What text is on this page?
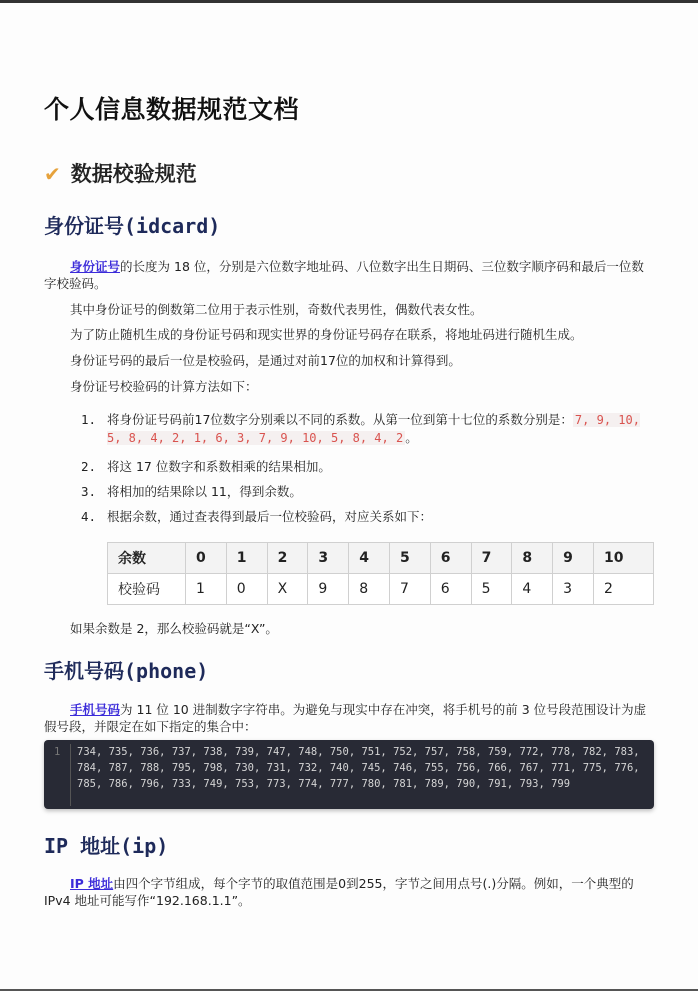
个人信息数据规范文档
✔ 数据校验规范
身份证号(idcard)

身份证号的长度为 18 位，分别是六位数字地址码、八位数字出生日期码、三位数字顺序码和最后一位数字校验码。

其中身份证号的倒数第二位用于表示性别，奇数代表男性，偶数代表女性。

为了防止随机生成的身份证号码和现实世界的身份证号码存在联系，将地址码进行随机生成。

身份证号码的最后一位是校验码，是通过对前17位的加权和计算得到。

身份证号校验码的计算方法如下：

1. 将身份证号码前17位数字分别乘以不同的系数。从第一位到第十七位的系数分别是： 7, 9, 10, 5, 8, 4, 2, 1, 6, 3, 7, 9, 10, 5, 8, 4, 2 。
2. 将这 17 位数字和系数相乘的结果相加。
3. 将相加的结果除以 11，得到余数。
4. 根据余数，通过查表得到最后一位校验码，对应关系如下：
余数	0	1	2	3	4	5	6	7	8	9	10
校验码	1	0	X	9	8	7	6	5	4	3	2

如果余数是 2，那么校验码就是“X”。

手机号码(phone)

手机号码为 11 位 10 进制数字字符串。为避免与现实中存在冲突，将手机号的前 3 位号段范围设计为虚假号段，并限定在如下指定的集合中：

1 734, 735, 736, 737, 738, 739, 747, 748, 750, 751, 752, 757, 758, 759, 772, 778, 782, 783, 784, 787, 788, 795, 798, 730, 731, 732, 740, 745, 746, 755, 756, 766, 767, 771, 775, 776, 785, 786, 796, 733, 749, 753, 773, 774, 777, 780, 781, 789, 790, 791, 793, 799
IP 地址(ip)

IP 地址由四个字节组成，每个字节的取值范围是0到255，字节之间用点号(.)分隔。例如，一个典型的 IPv4 地址可能写作“192.168.1.1”。
